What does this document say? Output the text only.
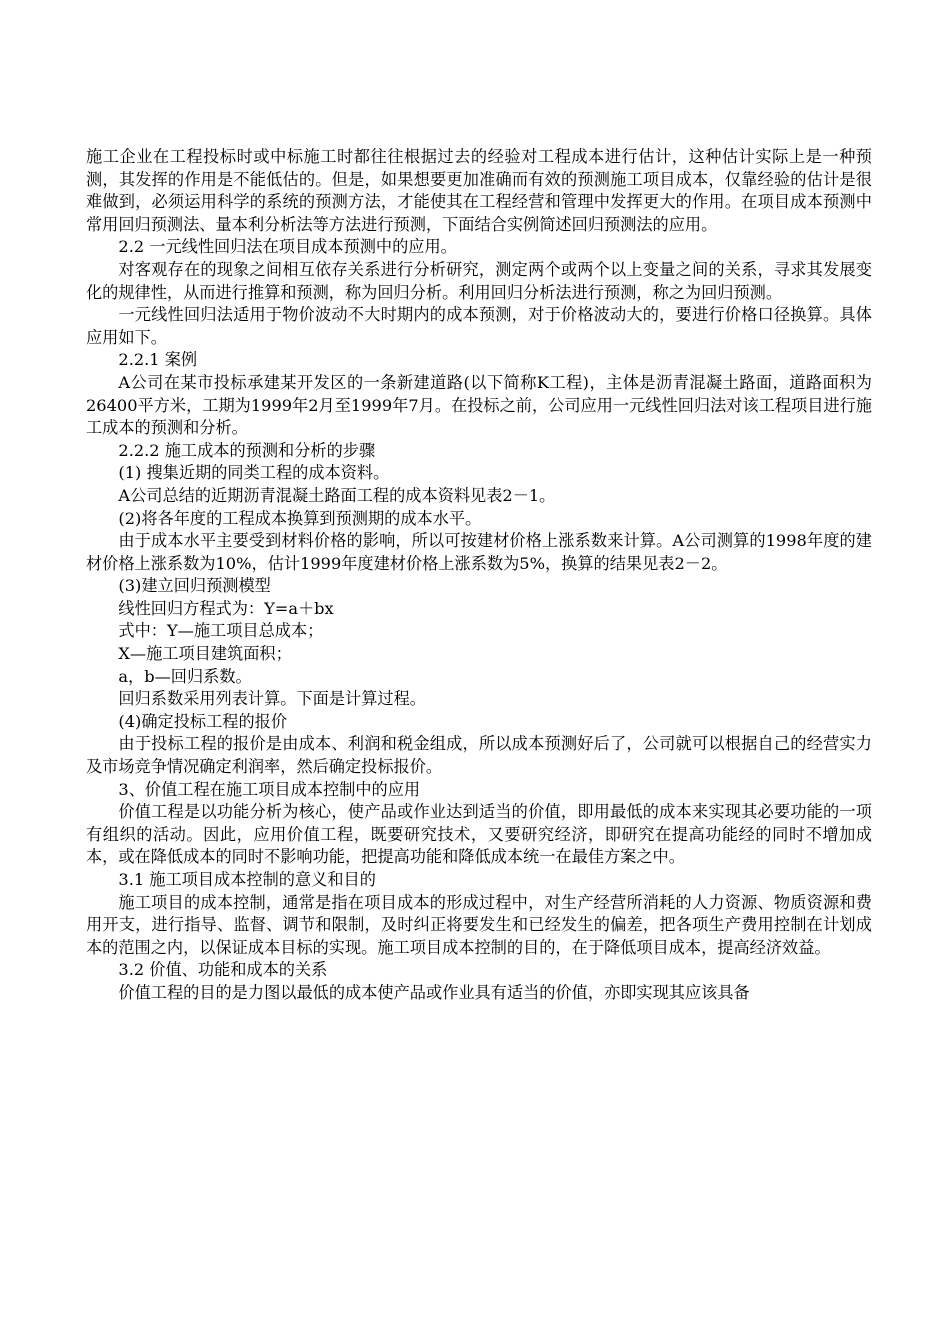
施工企业在工程投标时或中标施工时都往往根据过去的经验对工程成本进行估计，这种估计实际上是一种预测，其发挥的作用是不能低估的。但是，如果想要更加准确而有效的预测施工项目成本，仅靠经验的估计是很难做到，必须运用科学的系统的预测方法，才能使其在工程经营和管理中发挥更大的作用。在项目成本预测中常用回归预测法、量本利分析法等方法进行预测，下面结合实例简述回归预测法的应用。

2.2 一元线性回归法在项目成本预测中的应用。

对客观存在的现象之间相互依存关系进行分析研究，测定两个或两个以上变量之间的关系，寻求其发展变化的规律性，从而进行推算和预测，称为回归分析。利用回归分析法进行预测，称之为回归预测。

一元线性回归法适用于物价波动不大时期内的成本预测，对于价格波动大的，要进行价格口径换算。具体应用如下。

2.2.1 案例

A公司在某市投标承建某开发区的一条新建道路(以下简称K工程)，主体是沥青混凝土路面，道路面积为26400平方米，工期为1999年2月至1999年7月。在投标之前，公司应用一元线性回归法对该工程项目进行施工成本的预测和分析。

2.2.2 施工成本的预测和分析的步骤

(1) 搜集近期的同类工程的成本资料。

A公司总结的近期沥青混凝土路面工程的成本资料见表2－1。

(2)将各年度的工程成本换算到预测期的成本水平。

由于成本水平主要受到材料价格的影响，所以可按建材价格上涨系数来计算。A公司测算的1998年度的建材价格上涨系数为10%，估计1999年度建材价格上涨系数为5%，换算的结果见表2－2。

(3)建立回归预测模型

线性回归方程式为：Y=a＋bx

式中：Y—施工项目总成本；

X—施工项目建筑面积；

a，b—回归系数。

回归系数采用列表计算。下面是计算过程。

(4)确定投标工程的报价

由于投标工程的报价是由成本、利润和税金组成，所以成本预测好后了，公司就可以根据自己的经营实力及市场竞争情况确定利润率，然后确定投标报价。

3、价值工程在施工项目成本控制中的应用

价值工程是以功能分析为核心，使产品或作业达到适当的价值，即用最低的成本来实现其必要功能的一项有组织的活动。因此，应用价值工程，既要研究技术，又要研究经济，即研究在提高功能经的同时不增加成本，或在降低成本的同时不影响功能，把提高功能和降低成本统一在最佳方案之中。

3.1 施工项目成本控制的意义和目的

施工项目的成本控制，通常是指在项目成本的形成过程中，对生产经营所消耗的人力资源、物质资源和费用开支，进行指导、监督、调节和限制，及时纠正将要发生和已经发生的偏差，把各项生产费用控制在计划成本的范围之内，以保证成本目标的实现。施工项目成本控制的目的，在于降低项目成本，提高经济效益。

3.2 价值、功能和成本的关系

价值工程的目的是力图以最低的成本使产品或作业具有适当的价值，亦即实现其应该具备
